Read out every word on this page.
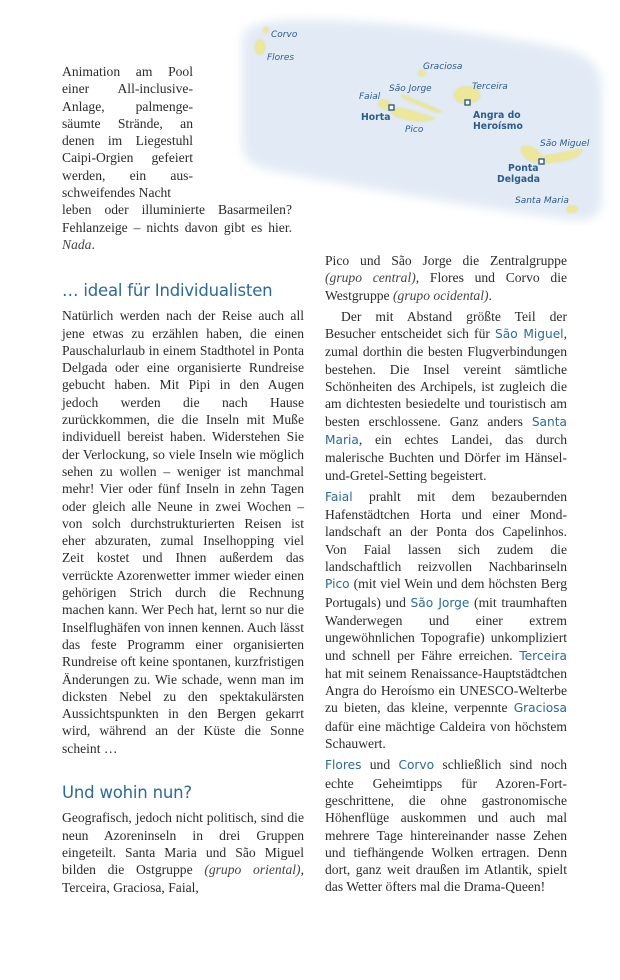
Corvo
Flores
Graciosa
São Jorge	Terceira
Faial
Pico
São Miguel
Santa Maria
Horta	Angra do
Heroísmo
Ponta
Delgada

Animation am Pool einer All-inclusive-Anlage, palmengesäumte Strände, an denen im Liegestuhl Caipi-Orgien gefeiert werden, ein ausschweifendes Nacht

leben oder illuminierte Basarmeilen? Fehlanzeige – nichts davon gibt es hier. Nada.

… ideal für Individualisten

Natürlich werden nach der Reise auch all jene etwas zu erzählen haben, die einen Pauschalurlaub in einem Stadthotel in Ponta Delgada oder eine organisierte Rundreise gebucht haben. Mit Pipi in den Augen jedoch werden die nach Hause zurückkommen, die die Inseln mit Muße individuell bereist haben. Widerstehen Sie der Verlockung, so viele Inseln wie möglich sehen zu wollen – weniger ist manchmal mehr! Vier oder fünf Inseln in zehn Tagen oder gleich alle Neune in zwei Wochen – von solch durchstrukturierten Reisen ist eher abzuraten, zumal Inselhopping viel Zeit kostet und Ihnen außerdem das verrückte Azorenwetter immer wieder einen gehörigen Strich durch die Rechnung machen kann. Wer Pech hat, lernt so nur die Inselflughäfen von innen kennen. Auch lässt das feste Programm einer organisierten Rundreise oft keine spontanen, kurzfristigen Änderungen zu. Wie schade, wenn man im dicksten Nebel zu den spektakulärsten Aussichtspunkten in den Bergen gekarrt wird, während an der Küste die Sonne scheint …

Und wohin nun?

Geografisch, jedoch nicht politisch, sind die neun Azoreninseln in drei Gruppen eingeteilt. Santa Maria und São Miguel bilden die Ostgruppe (grupo oriental), Terceira, Graciosa, Faial,

Pico und São Jorge die Zentralgruppe (grupo central), Flores und Corvo die Westgruppe (grupo ocidental).

Der mit Abstand größte Teil der Besucher entscheidet sich für São Miguel, zumal dorthin die besten Flugverbindungen bestehen. Die Insel vereint sämtliche Schönheiten des Archipels, ist zugleich die am dichtesten besiedelte und touristisch am besten erschlossene. Ganz anders Santa Maria, ein echtes Landei, das durch malerische Buchten und Dörfer im Hänsel-und-Gretel-Setting begeistert.

Faial prahlt mit dem bezaubernden Hafenstädtchen Horta und einer Mondlandschaft an der Ponta dos Capelinhos. Von Faial lassen sich zudem die landschaftlich reizvollen Nachbarinseln Pico (mit viel Wein und dem höchsten Berg Portugals) und São Jorge (mit traumhaften Wanderwegen und einer extrem ungewöhnlichen Topografie) unkompliziert und schnell per Fähre erreichen. Terceira hat mit seinem Renaissance-Hauptstädtchen Angra do Heroísmo ein UNESCO-Welterbe zu bieten, das kleine, verpennte Graciosa dafür eine mächtige Caldeira von höchstem Schauwert.

Flores und Corvo schließlich sind noch echte Geheimtipps für Azoren-Fortgeschrittene, die ohne gastronomische Höhenflüge auskommen und auch mal mehrere Tage hintereinander nasse Zehen und tiefhängende Wolken ertragen. Denn dort, ganz weit draußen im Atlantik, spielt das Wetter öfters mal die Drama-Queen!
